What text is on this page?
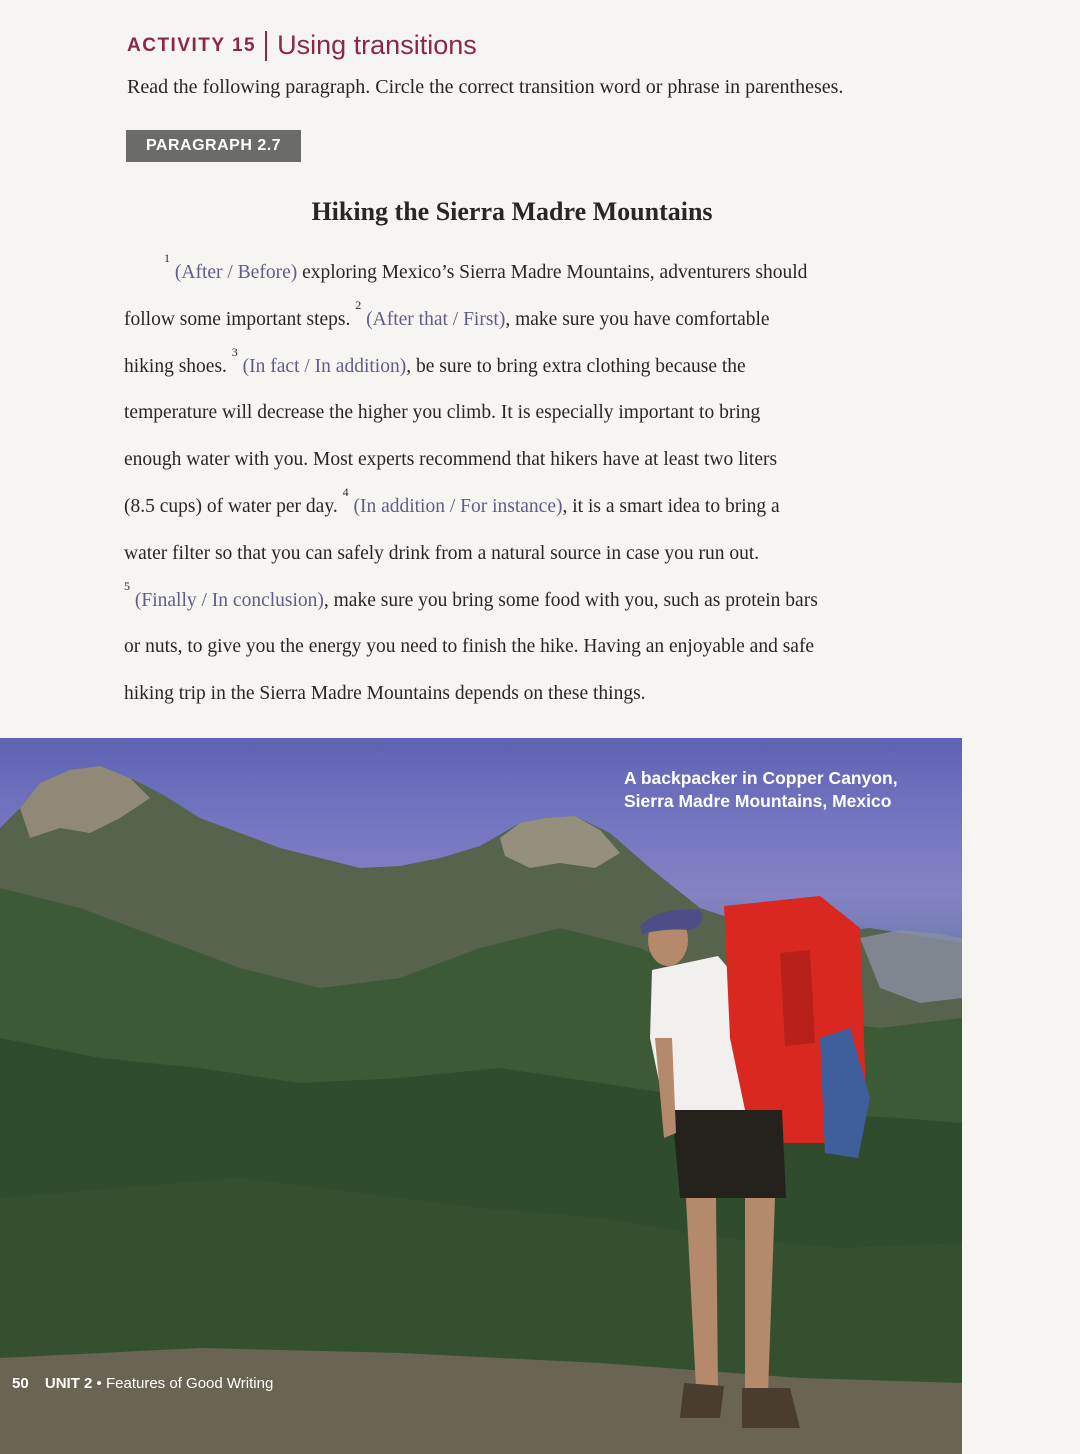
ACTIVITY 15 Using transitions
Read the following paragraph. Circle the correct transition word or phrase in parentheses.
PARAGRAPH 2.7
Hiking the Sierra Madre Mountains
$^1$ (After / Before) exploring Mexico’s Sierra Madre Mountains, adventurers should
follow some important steps. $^2$ (After that / First), make sure you have comfortable
hiking shoes. $^3$ (In fact / In addition), be sure to bring extra clothing because the
temperature will decrease the higher you climb. It is especially important to bring
enough water with you. Most experts recommend that hikers have at least two liters
(8.5 cups) of water per day. $^4$ (In addition / For instance), it is a smart idea to bring a
water filter so that you can safely drink from a natural source in case you run out.
$^5$ (Finally / In conclusion), make sure you bring some food with you, such as protein bars
or nuts, to give you the energy you need to finish the hike. Having an enjoyable and safe
hiking trip in the Sierra Madre Mountains depends on these things.
A backpacker in Copper Canyon,
Sierra Madre Mountains, Mexico
50 UNIT 2 • Features of Good Writing
